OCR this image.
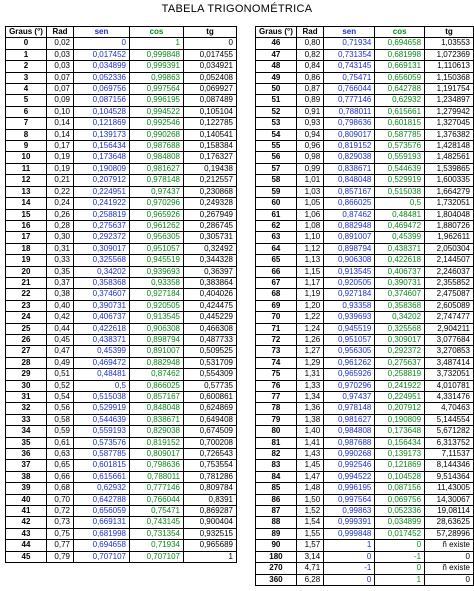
TABELA TRIGONOMÉTRICA
Graus (°)	Rad	sen	cos	tg
0	0,02	0	1	0
1	0,03	0,017452	0,999848	0,017455
2	0,03	0,034899	0,999391	0,034921
3	0,07	0,052336	0,99863	0,052408
4	0,07	0,069756	0,997564	0,069927
5	0,09	0,087156	0,996195	0,087489
6	0,10	0,104528	0,994522	0,105104
7	0,14	0,121869	0,992546	0,122785
8	0,14	0,139173	0,990268	0,140541
9	0,17	0,156434	0,987688	0,158384
10	0,19	0,173648	0,984808	0,176327
11	0,19	0,190809	0,981627	0,19438
12	0,21	0,207912	0,978148	0,212557
13	0,22	0,224951	0,97437	0,230868
14	0,24	0,241922	0,970296	0,249328
15	0,26	0,258819	0,965926	0,267949
16	0,28	0,275637	0,961262	0,286745
17	0,30	0,292372	0,956305	0,305731
18	0,31	0,309017	0,951057	0,32492
19	0,33	0,325568	0,945519	0,344328
20	0,35	0,34202	0,939693	0,36397
21	0,37	0,358368	0,93358	0,383864
22	0,38	0,374607	0,927184	0,404026
23	0,40	0,390731	0,920505	0,424475
24	0,42	0,406737	0,913545	0,445229
25	0,44	0,422618	0,906308	0,466308
26	0,45	0,438371	0,898794	0,487733
27	0,47	0,45399	0,891007	0,509525
28	0,49	0,469472	0,882948	0,531709
29	0,51	0,48481	0,87462	0,554309
30	0,52	0,5	0,866025	0,57735
31	0,54	0,515038	0,857167	0,600861
32	0,56	0,529919	0,848048	0,624869
33	0,58	0,544639	0,838671	0,649408
34	0,59	0,559193	0,829038	0,674509
35	0,61	0,573576	0,819152	0,700208
36	0,63	0,587785	0,809017	0,726543
37	0,65	0,601815	0,798636	0,753554
38	0,66	0,615661	0,788011	0,781286
39	0,68	0,62932	0,777146	0,809784
40	0,70	0,642788	0,766044	0,8391
41	0,72	0,656059	0,75471	0,869287
42	0,73	0,669131	0,743145	0,900404
43	0,75	0,681998	0,731354	0,932515
44	0,77	0,694658	0,71934	0,965689
45	0,79	0,707107	0,707107	1
Graus (°)	Rad	sen	cos	tg
46	0,80	0,71934	0,694658	1,03553
47	0,82	0,731354	0,681998	1,072369
48	0,84	0,743145	0,669131	1,110613
49	0,86	0,75471	0,656059	1,150368
50	0,87	0,766044	0,642788	1,191754
51	0,89	0,777146	0,62932	1,234897
52	0,91	0,788011	0,615661	1,279942
53	0,93	0,798636	0,601815	1,327045
54	0,94	0,809017	0,587785	1,376382
55	0,96	0,819152	0,573576	1,428148
56	0,98	0,829038	0,559193	1,482561
57	0,99	0,838671	0,544639	1,539865
58	1,01	0,848048	0,529919	1,600335
59	1,03	0,857167	0,515038	1,664279
60	1,05	0,866025	0,5	1,732051
61	1,06	0,87462	0,48481	1,804048
62	1,08	0,882948	0,469472	1,880726
63	1,10	0,891007	0,45399	1,962611
64	1,12	0,898794	0,438371	2,050304
65	1,13	0,906308	0,422618	2,144507
66	1,15	0,913545	0,406737	2,246037
67	1,17	0,920505	0,390731	2,355852
68	1,19	0,927184	0,374607	2,475087
69	1,20	0,93358	0,358368	2,605089
70	1,22	0,939693	0,34202	2,747477
71	1,24	0,945519	0,325568	2,904211
72	1,26	0,951057	0,309017	3,077684
73	1,27	0,956305	0,292372	3,270853
74	1,29	0,961262	0,275637	3,487414
75	1,31	0,965926	0,258819	3,732051
76	1,33	0,970296	0,241922	4,010781
77	1,34	0,97437	0,224951	4,331476
78	1,36	0,978148	0,207912	4,70463
79	1,38	0,981627	0,190809	5,144554
80	1,40	0,984808	0,173648	5,671282
81	1,41	0,987688	0,156434	6,313752
82	1,43	0,990268	0,139173	7,11537
83	1,45	0,992546	0,121869	8,144346
84	1,47	0,994522	0,104528	9,514364
85	1,48	0,996195	0,087156	11,43005
86	1,50	0,997564	0,069756	14,30067
87	1,52	0,99863	0,052336	19,08114
88	1,54	0,999391	0,034899	28,63625
89	1,55	0,999848	0,017452	57,28996
90	1,57	1	0	ñ existe
180	3,14	0	-1	0
270	4,71	-1	0	ñ existe
360	6,28	0	1	0
